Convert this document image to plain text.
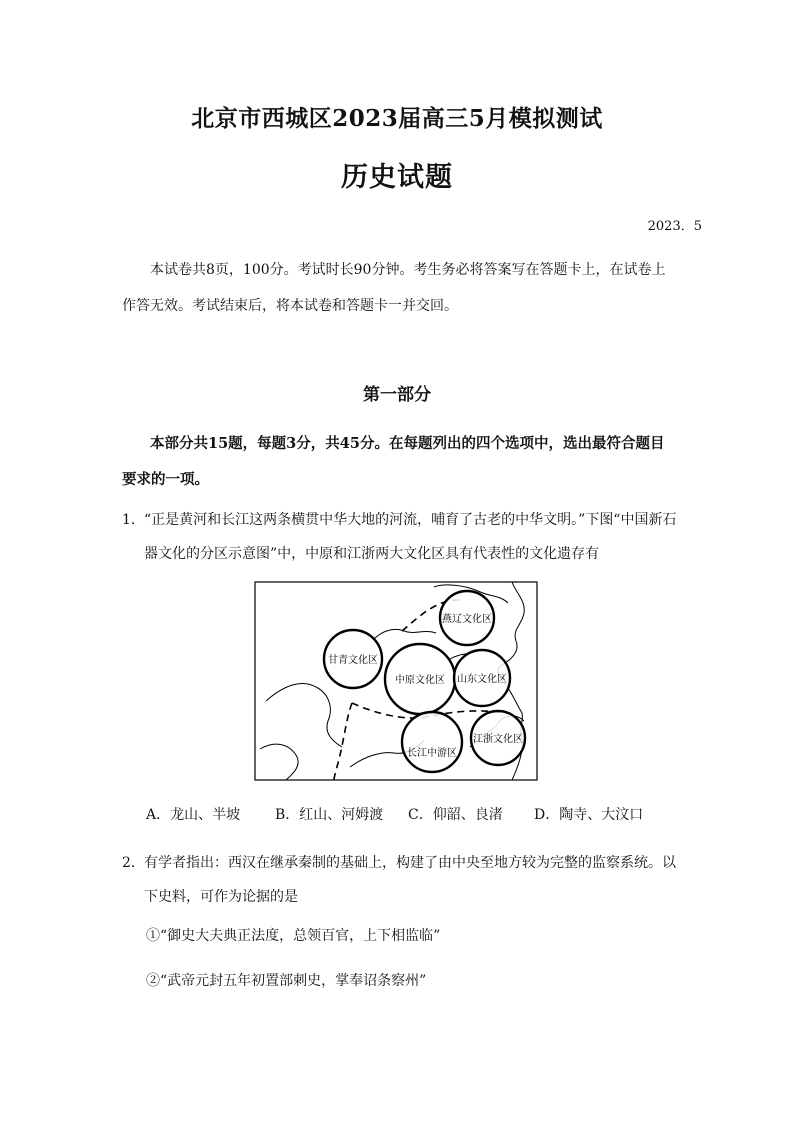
北京市西城区2023届高三5月模拟测试
历史试题
2023．5
本试卷共8页，100分。考试时长90分钟。考生务必将答案写在答题卡上，在试卷上作答无效。考试结束后，将本试卷和答题卡一并交回。
第一部分
本部分共15题，每题3分，共45分。在每题列出的四个选项中，选出最符合题目要求的一项。
1． “正是黄河和长江这两条横贯中华大地的河流，哺育了古老的中华文明。”下图“中国新石器文化的分区示意图”中，中原和江浙两大文化区具有代表性的文化遗存有
燕辽文化区
甘青文化区
中原文化区 山东文化区
长江中游区
江浙文化区
A．龙山、半坡 B．红山、河姆渡 C．仰韶、良渚 D．陶寺、大汶口
2． 有学者指出：西汉在继承秦制的基础上，构建了由中央至地方较为完整的监察系统。以下史料，可作为论据的是
①“御史大夫典正法度，总领百官，上下相监临”
②“武帝元封五年初置部刺史，掌奉诏条察州”
